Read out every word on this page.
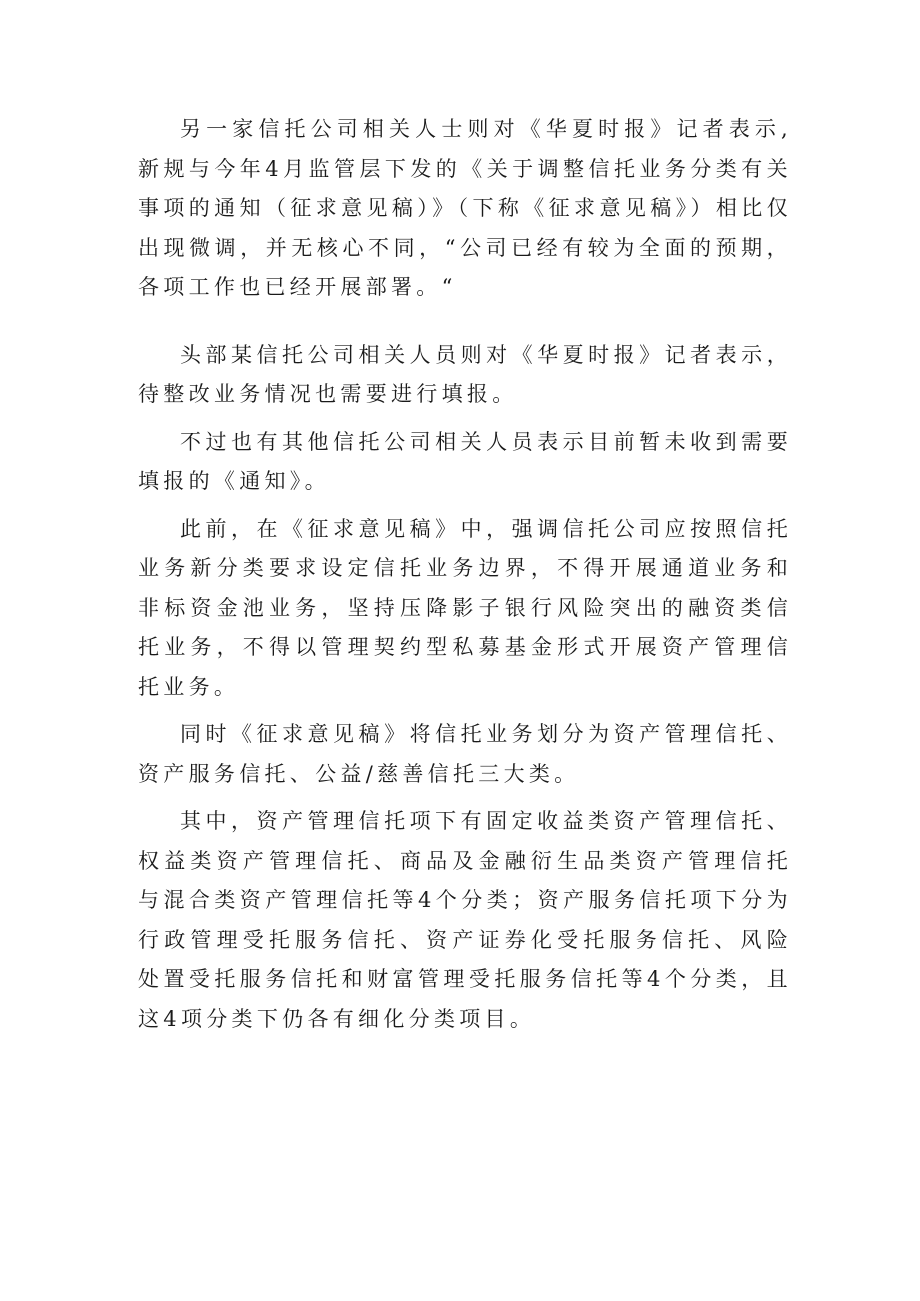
另一家信托公司相关人士则对《华夏时报》记者表示,新规与今年4月监管层下发的《关于调整信托业务分类有关事项的通知（征求意见稿）》（下称《征求意见稿》）相比仅出现微调，并无核心不同，“公司已经有较为全面的预期，各项工作也已经开展部署。“

头部某信托公司相关人员则对《华夏时报》记者表示，待整改业务情况也需要进行填报。

不过也有其他信托公司相关人员表示目前暂未收到需要填报的《通知》。

此前，在《征求意见稿》中，强调信托公司应按照信托业务新分类要求设定信托业务边界，不得开展通道业务和非标资金池业务，坚持压降影子银行风险突出的融资类信托业务，不得以管理契约型私募基金形式开展资产管理信托业务。

同时《征求意见稿》将信托业务划分为资产管理信托、资产服务信托、公益/慈善信托三大类。

其中，资产管理信托项下有固定收益类资产管理信托、权益类资产管理信托、商品及金融衍生品类资产管理信托与混合类资产管理信托等4个分类；资产服务信托项下分为行政管理受托服务信托、资产证券化受托服务信托、风险处置受托服务信托和财富管理受托服务信托等4个分类，且这4项分类下仍各有细化分类项目。
